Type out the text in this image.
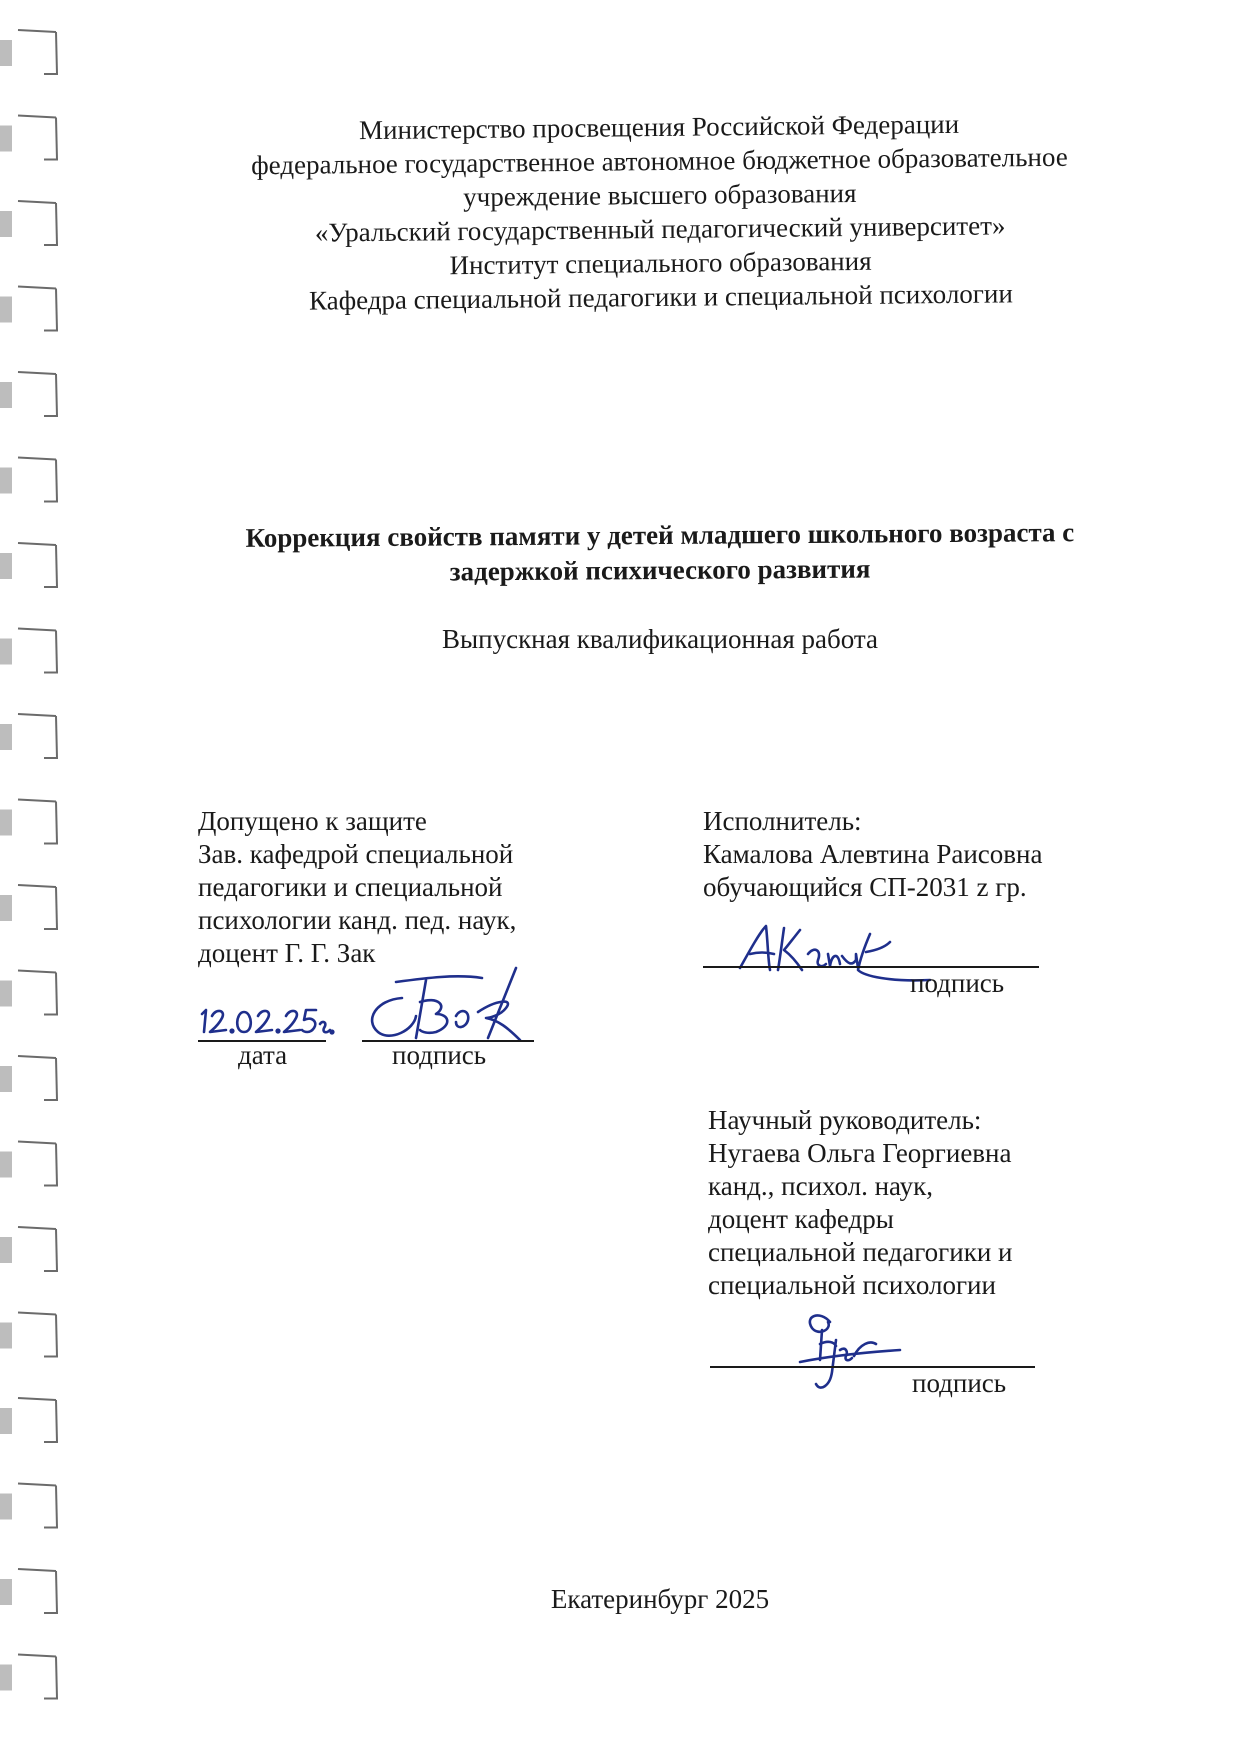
Министерство просвещения Российской Федерации
федеральное государственное автономное бюджетное образовательное
учреждение высшего образования
«Уральский государственный педагогический университет»
Институт специального образования
Кафедра специальной педагогики и специальной психологии
Коррекция свойств памяти у детей младшего школьного возраста с
задержкой психического развития
Выпускная квалификационная работа
Допущено к защите
Зав. кафедрой специальной
педагогики и специальной
психологии канд. пед. наук,
доцент Г. Г. Зак
дата	подпись
Исполнитель:
Камалова Алевтина Раисовна
обучающийся СП-2031 z гр.
подпись
Научный руководитель:
Нугаева Ольга Георгиевна
канд., психол. наук,
доцент кафедры
специальной педагогики и
специальной психологии
подпись
Екатеринбург 2025
